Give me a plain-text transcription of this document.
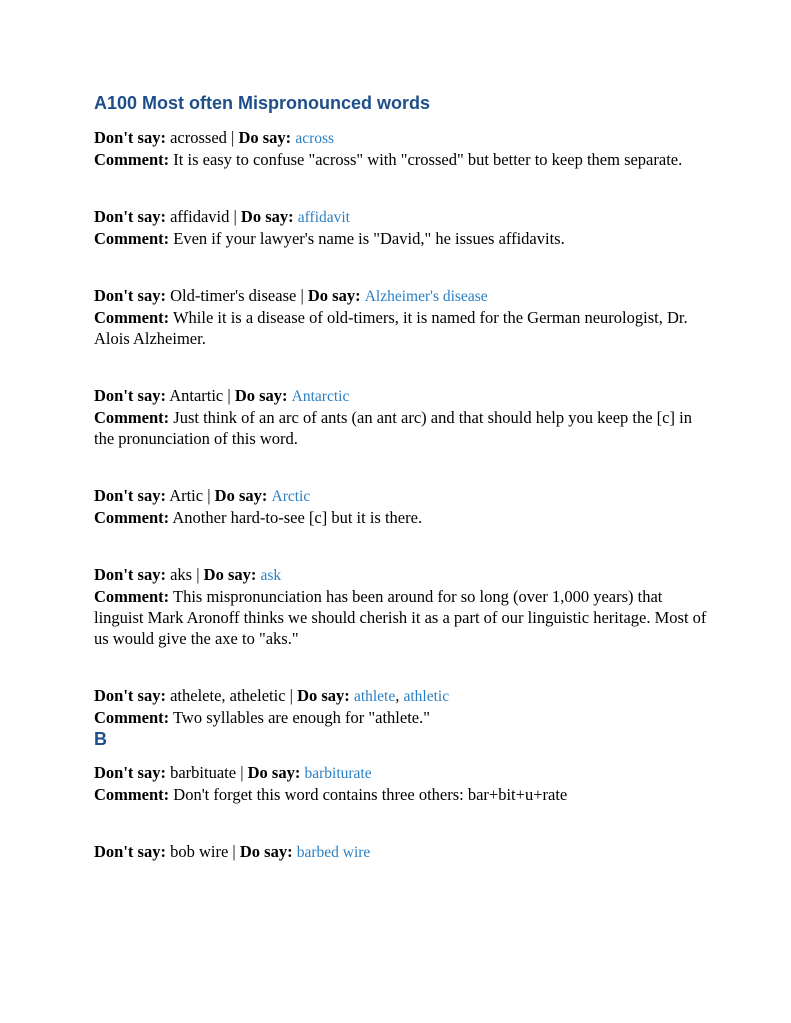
A100 Most often Mispronounced words
Don't say: acrossed | Do say: across
Comment: It is easy to confuse "across" with "crossed" but better to keep them separate.
Don't say: affidavid | Do say: affidavit
Comment: Even if your lawyer's name is "David," he issues affidavits.
Don't say: Old-timer's disease | Do say: Alzheimer's disease
Comment: While it is a disease of old-timers, it is named for the German neurologist, Dr. Alois Alzheimer.
Don't say: Antartic | Do say: Antarctic
Comment: Just think of an arc of ants (an ant arc) and that should help you keep the [c] in the pronunciation of this word.
Don't say: Artic | Do say: Arctic
Comment: Another hard-to-see [c] but it is there.
Don't say: aks | Do say: ask
Comment: This mispronunciation has been around for so long (over 1,000 years) that linguist Mark Aronoff thinks we should cherish it as a part of our linguistic heritage. Most of us would give the axe to "aks."
Don't say: athelete, atheletic | Do say: athlete, athletic
Comment: Two syllables are enough for "athlete."
B
Don't say: barbituate | Do say: barbiturate
Comment: Don't forget this word contains three others: bar+bit+u+rate
Don't say: bob wire | Do say: barbed wire
